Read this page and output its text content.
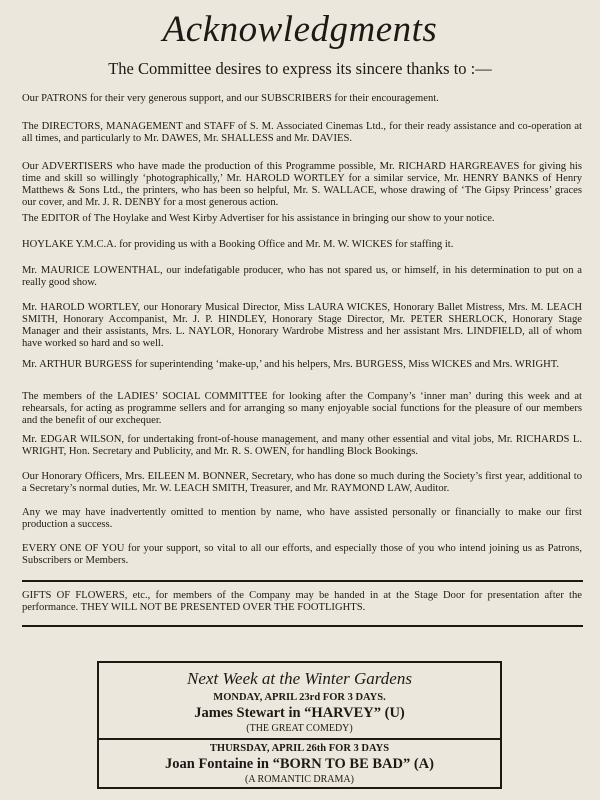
Acknowledgments
The Committee desires to express its sincere thanks to :—

Our PATRONS for their very generous support, and our SUBSCRIBERS for their encouragement.

The DIRECTORS, MANAGEMENT and STAFF of S. M. Associated Cinemas Ltd., for their ready assistance and co-operation at all times, and particularly to Mr. DAWES, Mr. SHALLESS and Mr. DAVIES.

Our ADVERTISERS who have made the production of this Programme possible, Mr. RICHARD HARGREAVES for giving his time and skill so willingly ‘photographically,’ Mr. HAROLD WORTLEY for a similar service, Mr. HENRY BANKS of Henry Matthews & Sons Ltd., the printers, who has been so helpful, Mr. S. WALLACE, whose drawing of ‘The Gipsy Princess’ graces our cover, and Mr. J. R. DENBY for a most generous action.

The EDITOR of The Hoylake and West Kirby Advertiser for his assistance in bringing our show to your notice.

HOYLAKE Y.M.C.A. for providing us with a Booking Office and Mr. M. W. WICKES for staffing it.

Mr. MAURICE LOWENTHAL, our indefatigable producer, who has not spared us, or himself, in his determination to put on a really good show.

Mr. HAROLD WORTLEY, our Honorary Musical Director, Miss LAURA WICKES, Honorary Ballet Mistress, Mrs. M. LEACH SMITH, Honorary Accompanist, Mr. J. P. HINDLEY, Honorary Stage Director, Mr. PETER SHERLOCK, Honorary Stage Manager and their assistants, Mrs. L. NAYLOR, Honorary Wardrobe Mistress and her assistant Mrs. LINDFIELD, all of whom have worked so hard and so well.

Mr. ARTHUR BURGESS for superintending ‘make-up,’ and his helpers, Mrs. BURGESS, Miss WICKES and Mrs. WRIGHT.

The members of the LADIES’ SOCIAL COMMITTEE for looking after the Company’s ‘inner man’ during this week and at rehearsals, for acting as programme sellers and for arranging so many enjoyable social functions for the pleasure of our members and the benefit of our exchequer.

Mr. EDGAR WILSON, for undertaking front-of-house management, and many other essential and vital jobs, Mr. RICHARDS L. WRIGHT, Hon. Secretary and Publicity, and Mr. R. S. OWEN, for handling Block Bookings.

Our Honorary Officers, Mrs. EILEEN M. BONNER, Secretary, who has done so much during the Society’s first year, additional to a Secretary’s normal duties, Mr. W. LEACH SMITH, Treasurer, and Mr. RAYMOND LAW, Auditor.

Any we may have inadvertently omitted to mention by name, who have assisted personally or financially to make our first production a success.

EVERY ONE OF YOU for your support, so vital to all our efforts, and especially those of you who intend joining us as Patrons, Subscribers or Members.

GIFTS OF FLOWERS, etc., for members of the Company may be handed in at the Stage Door for presentation after the performance. THEY WILL NOT BE PRESENTED OVER THE FOOTLIGHTS.

Next Week at the Winter Gardens
MONDAY, APRIL 23rd FOR 3 DAYS.
James Stewart in “HARVEY” (U)
(THE GREAT COMEDY)
THURSDAY, APRIL 26th FOR 3 DAYS
Joan Fontaine in “BORN TO BE BAD” (A)
(A ROMANTIC DRAMA)
